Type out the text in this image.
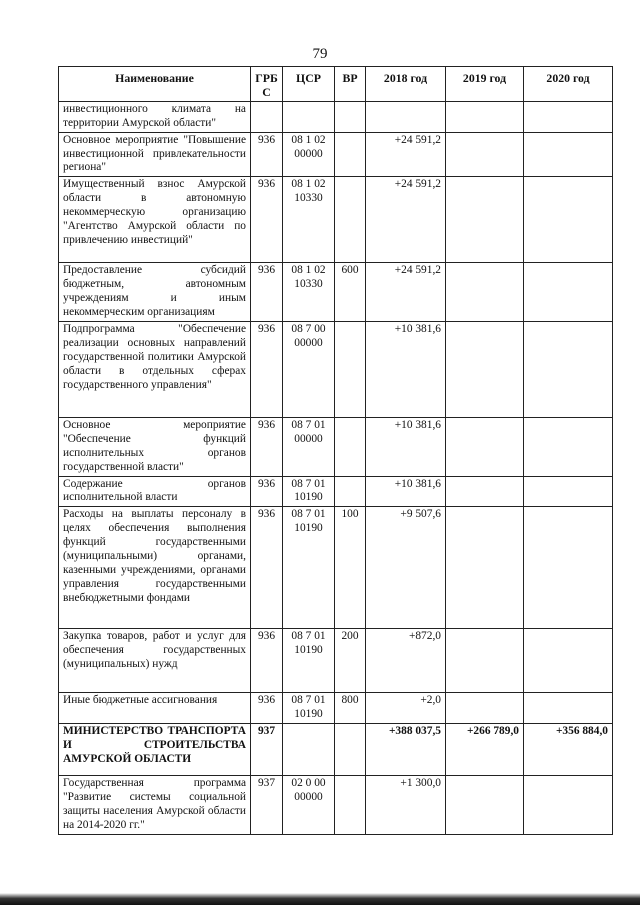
79
Наименование	ГРБ С	ЦСР	ВР	2018 год	2019 год	2020 год
инвестиционного климата на территории Амурской области"						
Основное мероприятие "Повышение инвестиционной привлекательности региона"	936	08 1 02 00000		+24 591,2		
Имущественный взнос Амурской области в автономную некоммерческую организацию "Агентство Амурской области по привлечению инвестиций"	936	08 1 02 10330		+24 591,2		
Предоставление субсидий бюджетным, автономным учреждениям и иным некоммерческим организациям	936	08 1 02 10330	600	+24 591,2		
Подпрограмма "Обеспечение реализации основных направлений государственной политики Амурской области в отдельных сферах государственного управления"	936	08 7 00 00000		+10 381,6		
Основное мероприятие "Обеспечение функций исполнительных органов государственной власти"	936	08 7 01 00000		+10 381,6		
Содержание органов исполнительной власти	936	08 7 01 10190		+10 381,6		
Расходы на выплаты персоналу в целях обеспечения выполнения функций государственными (муниципальными) органами, казенными учреждениями, органами управления государственными внебюджетными фондами	936	08 7 01 10190	100	+9 507,6		
Закупка товаров, работ и услуг для обеспечения государственных (муниципальных) нужд	936	08 7 01 10190	200	+872,0		
Иные бюджетные ассигнования	936	08 7 01 10190	800	+2,0		
МИНИСТЕРСТВО ТРАНСПОРТА И СТРОИТЕЛЬСТВА АМУРСКОЙ ОБЛАСТИ	937			+388 037,5	+266 789,0	+356 884,0
Государственная программа "Развитие системы социальной защиты населения Амурской области на 2014-2020 гг."	937	02 0 00 00000		+1 300,0		
